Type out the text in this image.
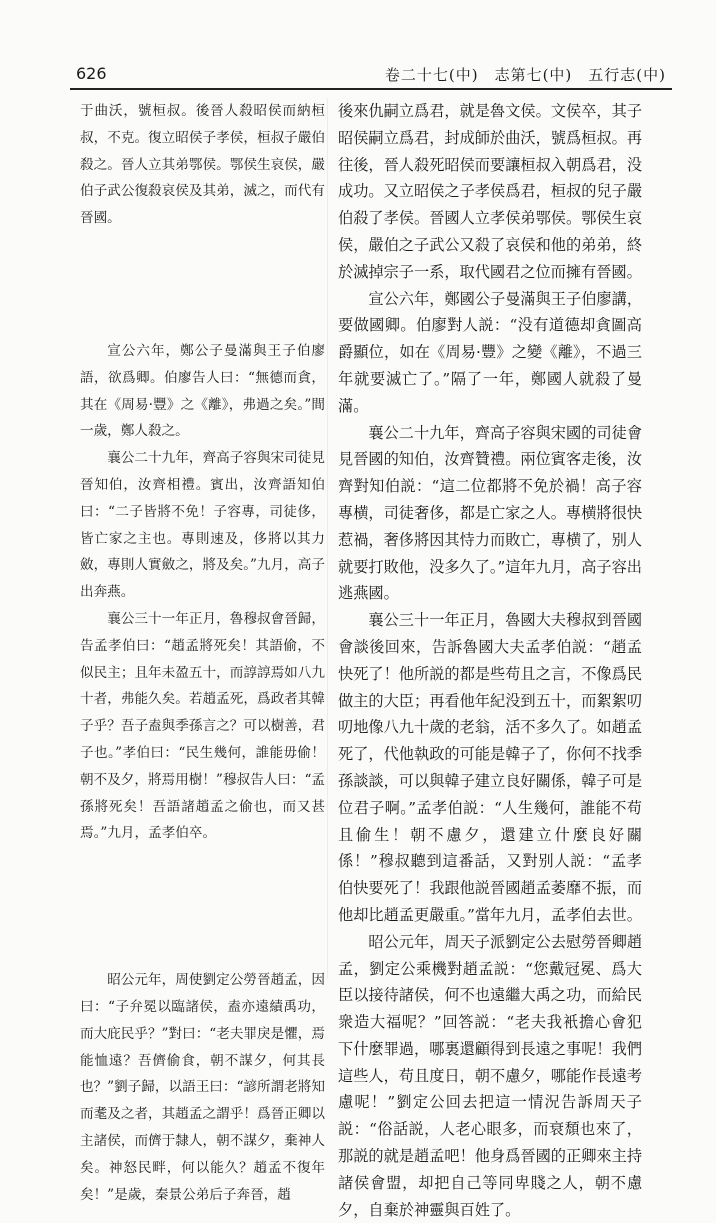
626	卷二十七(中)　志第七(中)　五行志(中)

于曲沃，號桓叔。後晉人殺昭侯而納桓叔，不克。復立昭侯子孝侯，桓叔子嚴伯殺之。晉人立其弟鄂侯。鄂侯生哀侯，嚴伯子武公復殺哀侯及其弟，滅之，而代有晉國。

宣公六年，鄭公子曼滿與王子伯廖語，欲爲卿。伯廖告人曰：“無德而貪，其在《周易·豐》之《離》，弗過之矣。”間一歲，鄭人殺之。

襄公二十九年，齊高子容與宋司徒見晉知伯，汝齊相禮。賓出，汝齊語知伯曰：“二子皆將不免！子容專，司徒侈，皆亡家之主也。專則速及，侈將以其力斂，專則人實斂之，將及矣。”九月，高子出奔燕。

襄公三十一年正月，魯穆叔會晉歸，告孟孝伯曰：“趙孟將死矣！其語偷，不似民主；且年未盈五十，而諄諄焉如八九十者，弗能久矣。若趙孟死，爲政者其韓子乎？吾子盍與季孫言之？可以樹善，君子也。”孝伯曰：“民生幾何，誰能毋偷！朝不及夕，將焉用樹！”穆叔告人曰：“孟孫將死矣！吾語諸趙孟之偷也，而又甚焉。”九月，孟孝伯卒。

昭公元年，周使劉定公勞晉趙孟，因曰：“子弁冕以臨諸侯，盍亦遠績禹功，而大庇民乎？”對曰：“老夫罪戾是懼，焉能恤遠？吾儕偷食，朝不謀夕，何其長也？”劉子歸，以語王曰：“諺所謂老將知而耄及之者，其趙孟之謂乎！爲晉正卿以主諸侯，而儕于隸人，朝不謀夕，棄神人矣。神怒民畔，何以能久？趙孟不復年矣！”是歲，秦景公弟后子奔晉，趙

後來仇嗣立爲君，就是魯文侯。文侯卒，其子昭侯嗣立爲君，封成師於曲沃，號爲桓叔。再往後，晉人殺死昭侯而要讓桓叔入朝爲君，没成功。又立昭侯之子孝侯爲君，桓叔的兒子嚴伯殺了孝侯。晉國人立孝侯弟鄂侯。鄂侯生哀侯，嚴伯之子武公又殺了哀侯和他的弟弟，終於滅掉宗子一系，取代國君之位而擁有晉國。

宣公六年，鄭國公子曼滿與王子伯廖講，要做國卿。伯廖對人説：“没有道德却貪圖高爵顯位，如在《周易·豐》之變《離》，不過三年就要滅亡了。”隔了一年，鄭國人就殺了曼滿。

襄公二十九年，齊高子容與宋國的司徒會見晉國的知伯，汝齊贊禮。兩位賓客走後，汝齊對知伯説：“這二位都將不免於禍！高子容專横，司徒奢侈，都是亡家之人。專横將很快惹禍，奢侈將因其恃力而敗亡，專横了，别人就要打敗他，没多久了。”這年九月，高子容出逃燕國。

襄公三十一年正月，魯國大夫穆叔到晉國會談後回來，告訴魯國大夫孟孝伯説：“趙孟快死了！他所説的都是些苟且之言，不像爲民做主的大臣；再看他年紀没到五十，而絮絮叨叨地像八九十歲的老翁，活不多久了。如趙孟死了，代他執政的可能是韓子了，你何不找季孫談談，可以與韓子建立良好關係，韓子可是位君子啊。”孟孝伯説：“人生幾何，誰能不苟且偷生！朝不慮夕，還建立什麼良好關係！”穆叔聽到這番話，又對别人説：“孟孝伯快要死了！我跟他説晉國趙孟萎靡不振，而他却比趙孟更嚴重。”當年九月，孟孝伯去世。

昭公元年，周天子派劉定公去慰勞晉卿趙孟，劉定公乘機對趙孟説：“您戴冠冕、爲大臣以接待諸侯，何不也遠繼大禹之功，而給民衆造大福呢？”回答説：“老夫我衹擔心會犯下什麼罪過，哪裏還顧得到長遠之事呢！我們這些人，苟且度日，朝不慮夕，哪能作長遠考慮呢！”劉定公回去把這一情況告訴周天子説：“俗話説，人老心眼多，而衰頹也來了，那説的就是趙孟吧！他身爲晉國的正卿來主持諸侯會盟，却把自己等同卑賤之人，朝不慮夕，自棄於神靈與百姓了。
